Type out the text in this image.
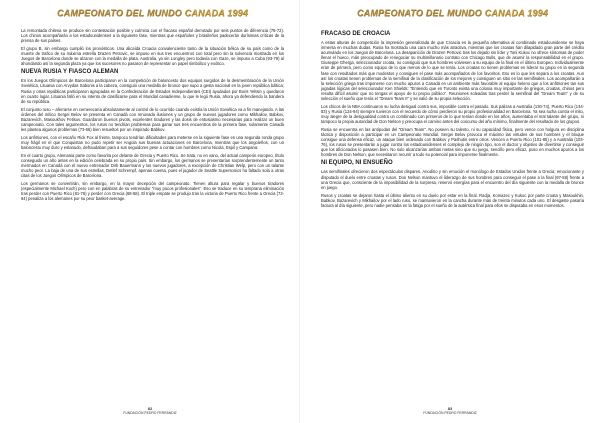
CAMPEONATO DEL MUNDO CANADA 1994

La remontada chilena se produce sin contestación posible y culmina con el fracaso español derrotado por seis puntos de diferencia (78-72). Los chinos acompañarán a los estadounidenses a la siguiente fase, mientras que españoles y brasileños padecerán durísimas críticas de la prensa de sus países.

El grupo B, sin embargo cumplió los pronósticos. Una alicaída Croacia convalenciente tanto de la situación bélica de su país como de la muerte de trafico de su máxima estrella Drazen Petrovic, se impuso en sus tres encuentros con total pero sin la solvencia mostrada en los Juegos de Barcelona donde se alzaron con la medalla de plata. Australia, ya sin Longley pero todavía con Gaze, se impuso a Cuba (93-79) al ahondando así la segunda plaza ya que los sucesores no pasaron de representar un papel simbólico y exótico.

NUEVA RUSIA Y FIASCO ALEMAN

En los Juegos Olímpicos de Barcelona participaron en la competición de baloncesto dos equipos surgidos de la desmembración de la Unión Soviética, Lituania con Arvydas Sabonis a la cabeza, consiguió una medalla de bronce que supo a gesta nacional en la joven república báltica; Rusia y otras repúblicas participaron agrupadas en la Confederación de Estados Independientes (CEI) ayudados por Boris Yeltsin y quedaron en cuarto lugar. Lituania falló en su intento de clasificarse para el Mundial canadiense, lo que le legó Rusia, ahora ya defendiendo la bandera de su república.

El conjunto ruso – aferrarse en cemerecaría absolutamente al control de lo ocurrido cuando existía la Unión Soviética va a fin manejando. A las órdenes del mítico Sergei Belov se presenta en Canadá con renovada ilusiones y un grupo de nuevos jugadores como Mikhailov, Babkov, Bazarevich, Masoukhov Fetisov. Guardaron buenos pivots, excelentes tiradores y las dosis de entusiasmo necesarias para realizar un buen campeonato. Con tales argumentos, los rusos no tendrían problemas para ganar sus tres encuentros de la primera fase, solamente Canadá les plantea algunos problemas (73-66) bien resueltos por un inspirado Babkov.

Los anfitriones, con el escaño Rick Fox al frente, tampoco tendrían dificultades para meterse en la siguiente fase en una segunda ronda grupo muy frágil en el que Conquistan no pudo repetir ser Angola sus buenas actuaciones en Barcelona, mientras que los angoleños, con un baloncesto muy duro y estanudo, defraudaban para a sus seguidores pese a contar con hombres como Nicola, Espil y Campana.

En el cuarto grupo, Alemania parte como favorita por delante de Grecia y Puerto Rico. Se trata, no en vano, del actual campeón europeo, título conseguido un año antes en la edición celebrada en su propio país. Sin embargo, los germanos se presentarían sorprendentemente un tanto mermados en Canadá con el nuevo entrenador Dirk Bauermann y los nuevos jugadores, a excepción de Christian Welp, pero con un talante mucho peor. La baja de una de sus estrellas, Detlef Schrempf, apenas cuenta, pues el jugador de Seattle Supersonics ha faltado sola a otras citas de los Juegos Olímpicos de Barcelona.

Los germanos se convertirán, sin embargo, en la mayor decepción del campeonato. Tienen altura para regalar y buenos tiradores (especialmente Michael Koch) pero con en palabras de su entrenador "muy pocos profesionales". Eso se traduce en su temprana eliminación tras perder con Puerto Rico (81-76) y perder con Grecia (68-58). El triple empate se produjo tras la victoria de Puerto Rico frente a Grecia (72-64) penaliza a los alemanes por su peor basket-average.

82
FUNDACIÓN PEDRO FERRÁNDIZ
CAMPEONATO DEL MUNDO CANADA 1994
FRACASO DE CROACIA

A estas alturas de competición la impresión generalizada de que Croacia es la pequeña alternativa al combinado estadounidense se haya inmersa en muchas dudas. Rusia ha mostrado una cara mucho más atractiva, mientras que los croatas han dilapidado gran parte del crédito acumulado en los Juegos de Barcelona. La desaparición de Drazen Petrovic tras los dejado sin líder y Toni Kukoc no ofrece síntomas de poder llenar el hueco, más preocupado de renegociar su multimillonario contrato con Chicago Bulls, que de asumir la responsabilidad en el grupo. Giuseppe Gherga, seleccionador croata, no consiguió que sus hombres volviesen a su equipo de la final en el último Europeo. Individualmente eran de primera, pero como equipo de lo que menos de lo que se tenía. Los croatas no tienen problemas en liderar su grupo en la segunda fase con resultados más que modestos y consiguen el pase más acompañados de los favoritos. Eso es lo que les separa a los croatas. Aun así los croatas tienen problemas de la semifinal de la clasificación de los mejores y consiguen un sitio en las semifinales. Los acompañarán a la selección griega tras imponerse con mucho apuros a Canadá en un ambiente más favorable al equipo heleno que a los anfitriones tan sus jugadas lógicas del seleccionador Ken Shields: "Entiendo que en Toronto exista una colonia muy importante de griegos, croatas, chinos pero resulta difícil asumir que no tengas el apoyo de tu propio público". Reuniones soleadas tras perder la semifinal del "Dream Team" y de su selección el sueño que tenía el "Dream Team II" y se valió de su propia selección.

Los chicos de la NBA continuaron su lucha desigual contra sus, imposible contra el pasado. Sus palizas a Australia (130-74), Puerto Rico (134-83) y Rusia (124-94) siempre tuvieron con el recuerdo de cómo perdieron su propio profesionalidad en Barcelona. Ya sea lucha contra el mito, muy alegre de la desigualdad contra un combinado con primeros de lo que tenían donde en los años, aumentaba el mal talante del grupo, ni tampoco la propia autoridad de Don Nelson y preocupa el camino antes del concurso del año mínimo, finalmente del resultado de los grupos.

Rusia se encuentra en las antípodas del "Dream Team". No poseen su talento, ni su capacidad física, pero vence con holgura en disciplina táctica y disposición a participar en un Campeonato Mundial. Sergei Belov provoca el máximo las virtudes de sus hombres y el bloque consigue una defensa eficaz, un ataque bien ordenado con Babkov y Pashutin entre otros. Vencen a Puerto Rico (101-85) y a Australia (103-76), los rusos se presentarán a jugar contra los estadounidenses el complejo de ningún tipo, son el ductor y objetivo de divertirse y conseguir que los aficionados lo pasasen bien. No solo alcanzarían ambas metas sino que su juego, sencillo pero eficaz, puso en muchos apuros a los hombres de Don Nelson, que necesitaron recurrir a todo su potencial para imponerse finalmente.

NI EQUIPO, NI ENSUEÑO

Las semifinales ofrecieron dos espectáculos dispares. Anodino y sin emoción el monólogo de Estados Unidos frente a Grecia; emocionante y disputado el duelo entre croatas y rusos. Don Nelson mantuvo el liderazgo de sus hombres para conseguir el pase a la final (97-58) frente a una Grecia que, consciente de la imposibilidad de la sorpresa, reservó energías para el encuentro del día siguiente con la medalla de bronce en juego.

Rusos y croatas se dejaron hasta el último aliento en su duelo por estar en la final. Radja, Komazec y Kukoc por parte croata y Masoukhin, Babkov, Bazarevich y Mikhailov por el lado ruso, se mantuvieron en la cancha durante más de treinta minutos cada uno. El desgaste pasaría factura al día siguiente, pero nadie pensaba en la fatiga por el sueño de la auténtica final para ellos se disputaba en esos momentos.

83
FUNDACIÓN PEDRO FERRÁNDIZ
